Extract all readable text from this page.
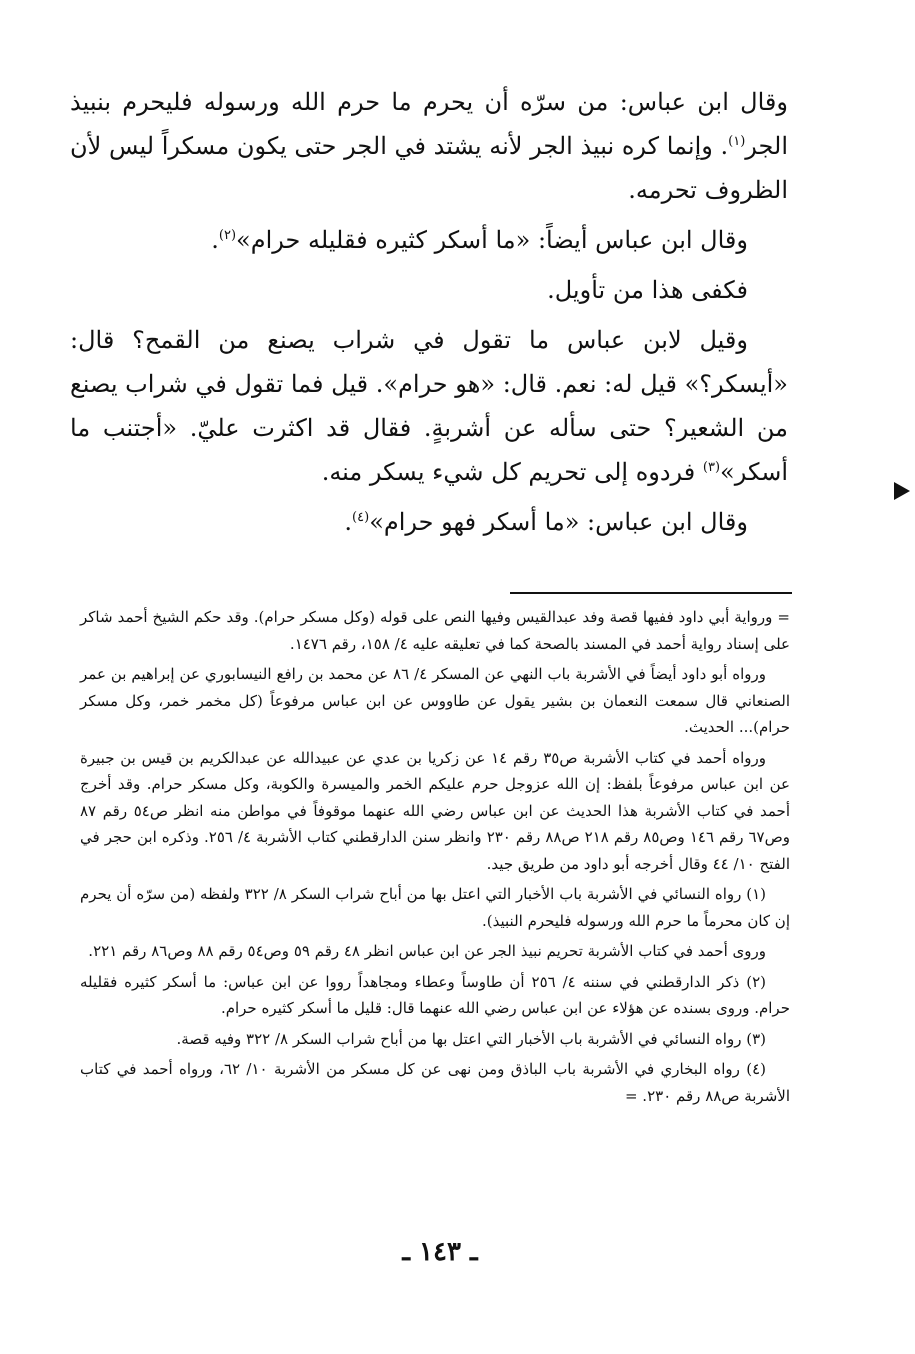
وقال ابن عباس: من سرّه أن يحرم ما حرم الله ورسوله فليحرم بنبيذ الجر$^{(١)}$. وإنما كره نبيذ الجر لأنه يشتد في الجر حتى يكون مسكراً ليس لأن الظروف تحرمه.

وقال ابن عباس أيضاً: «ما أسكر كثيره فقليله حرام»$^{(٢)}$.

فكفى هذا من تأويل.

وقيل لابن عباس ما تقول في شراب يصنع من القمح؟ قال: «أيسكر؟» قيل له: نعم. قال: «هو حرام». قيل فما تقول في شراب يصنع من الشعير؟ حتى سأله عن أشربةٍ. فقال قد اكثرت عليّ. «أجتنب ما أسكر»$^{(٣)}$ فردوه إلى تحريم كل شيء يسكر منه.

وقال ابن عباس: «ما أسكر فهو حرام»$^{(٤)}$.

= ورواية أبي داود ففيها قصة وفد عبدالقيس وفيها النص على قوله (وكل مسكر حرام). وقد حكم الشيخ أحمد شاكر على إسناد رواية أحمد في المسند بالصحة كما في تعليقه عليه ٤/ ١٥٨، رقم ١٤٧٦.

ورواه أبو داود أيضاً في الأشربة باب النهي عن المسكر ٤/ ٨٦ عن محمد بن رافع النيسابوري عن إبراهيم بن عمر الصنعاني قال سمعت النعمان بن بشير يقول عن طاووس عن ابن عباس مرفوعاً (كل مخمر خمر، وكل مسكر حرام)... الحديث.

ورواه أحمد في كتاب الأشربة ص٣٥ رقم ١٤ عن زكريا بن عدي عن عبيدالله عن عبدالكريم بن قيس بن جبيرة عن ابن عباس مرفوعاً بلفظ: إن الله عزوجل حرم عليكم الخمر والميسرة والكوبة، وكل مسكر حرام. وقد أخرج أحمد في كتاب الأشربة هذا الحديث عن ابن عباس رضي الله عنهما موقوفاً في مواطن منه انظر ص٥٤ رقم ٨٧ وص٦٧ رقم ١٤٦ وص٨٥ رقم ٢١٨ ص٨٨ رقم ٢٣٠ وانظر سنن الدارقطني كتاب الأشربة ٤/ ٢٥٦. وذكره ابن حجر في الفتح ١٠/ ٤٤ وقال أخرجه أبو داود من طريق جيد.

(١) رواه النسائي في الأشربة باب الأخبار التي اعتل بها من أباح شراب السكر ٨/ ٣٢٢ ولفظه (من سرّه أن يحرم إن كان محرماً ما حرم الله ورسوله فليحرم النبيذ).

وروى أحمد في كتاب الأشربة تحريم نبيذ الجر عن ابن عباس انظر ٤٨ رقم ٥٩ وص٥٤ رقم ٨٨ وص٨٦ رقم ٢٢١.

(٢) ذكر الدارقطني في سننه ٤/ ٢٥٦ أن طاوساً وعطاء ومجاهداً رووا عن ابن عباس: ما أسكر كثيره فقليله حرام. وروى بسنده عن هؤلاء عن ابن عباس رضي الله عنهما قال: قليل ما أسكر كثيره حرام.

(٣) رواه النسائي في الأشربة باب الأخبار التي اعتل بها من أباح شراب السكر ٨/ ٣٢٢ وفيه قصة.

(٤) رواه البخاري في الأشربة باب الباذق ومن نهى عن كل مسكر من الأشربة ١٠/ ٦٢، ورواه أحمد في كتاب الأشربة ص٨٨ رقم ٢٣٠. =

ـ ١٤٣ ـ
